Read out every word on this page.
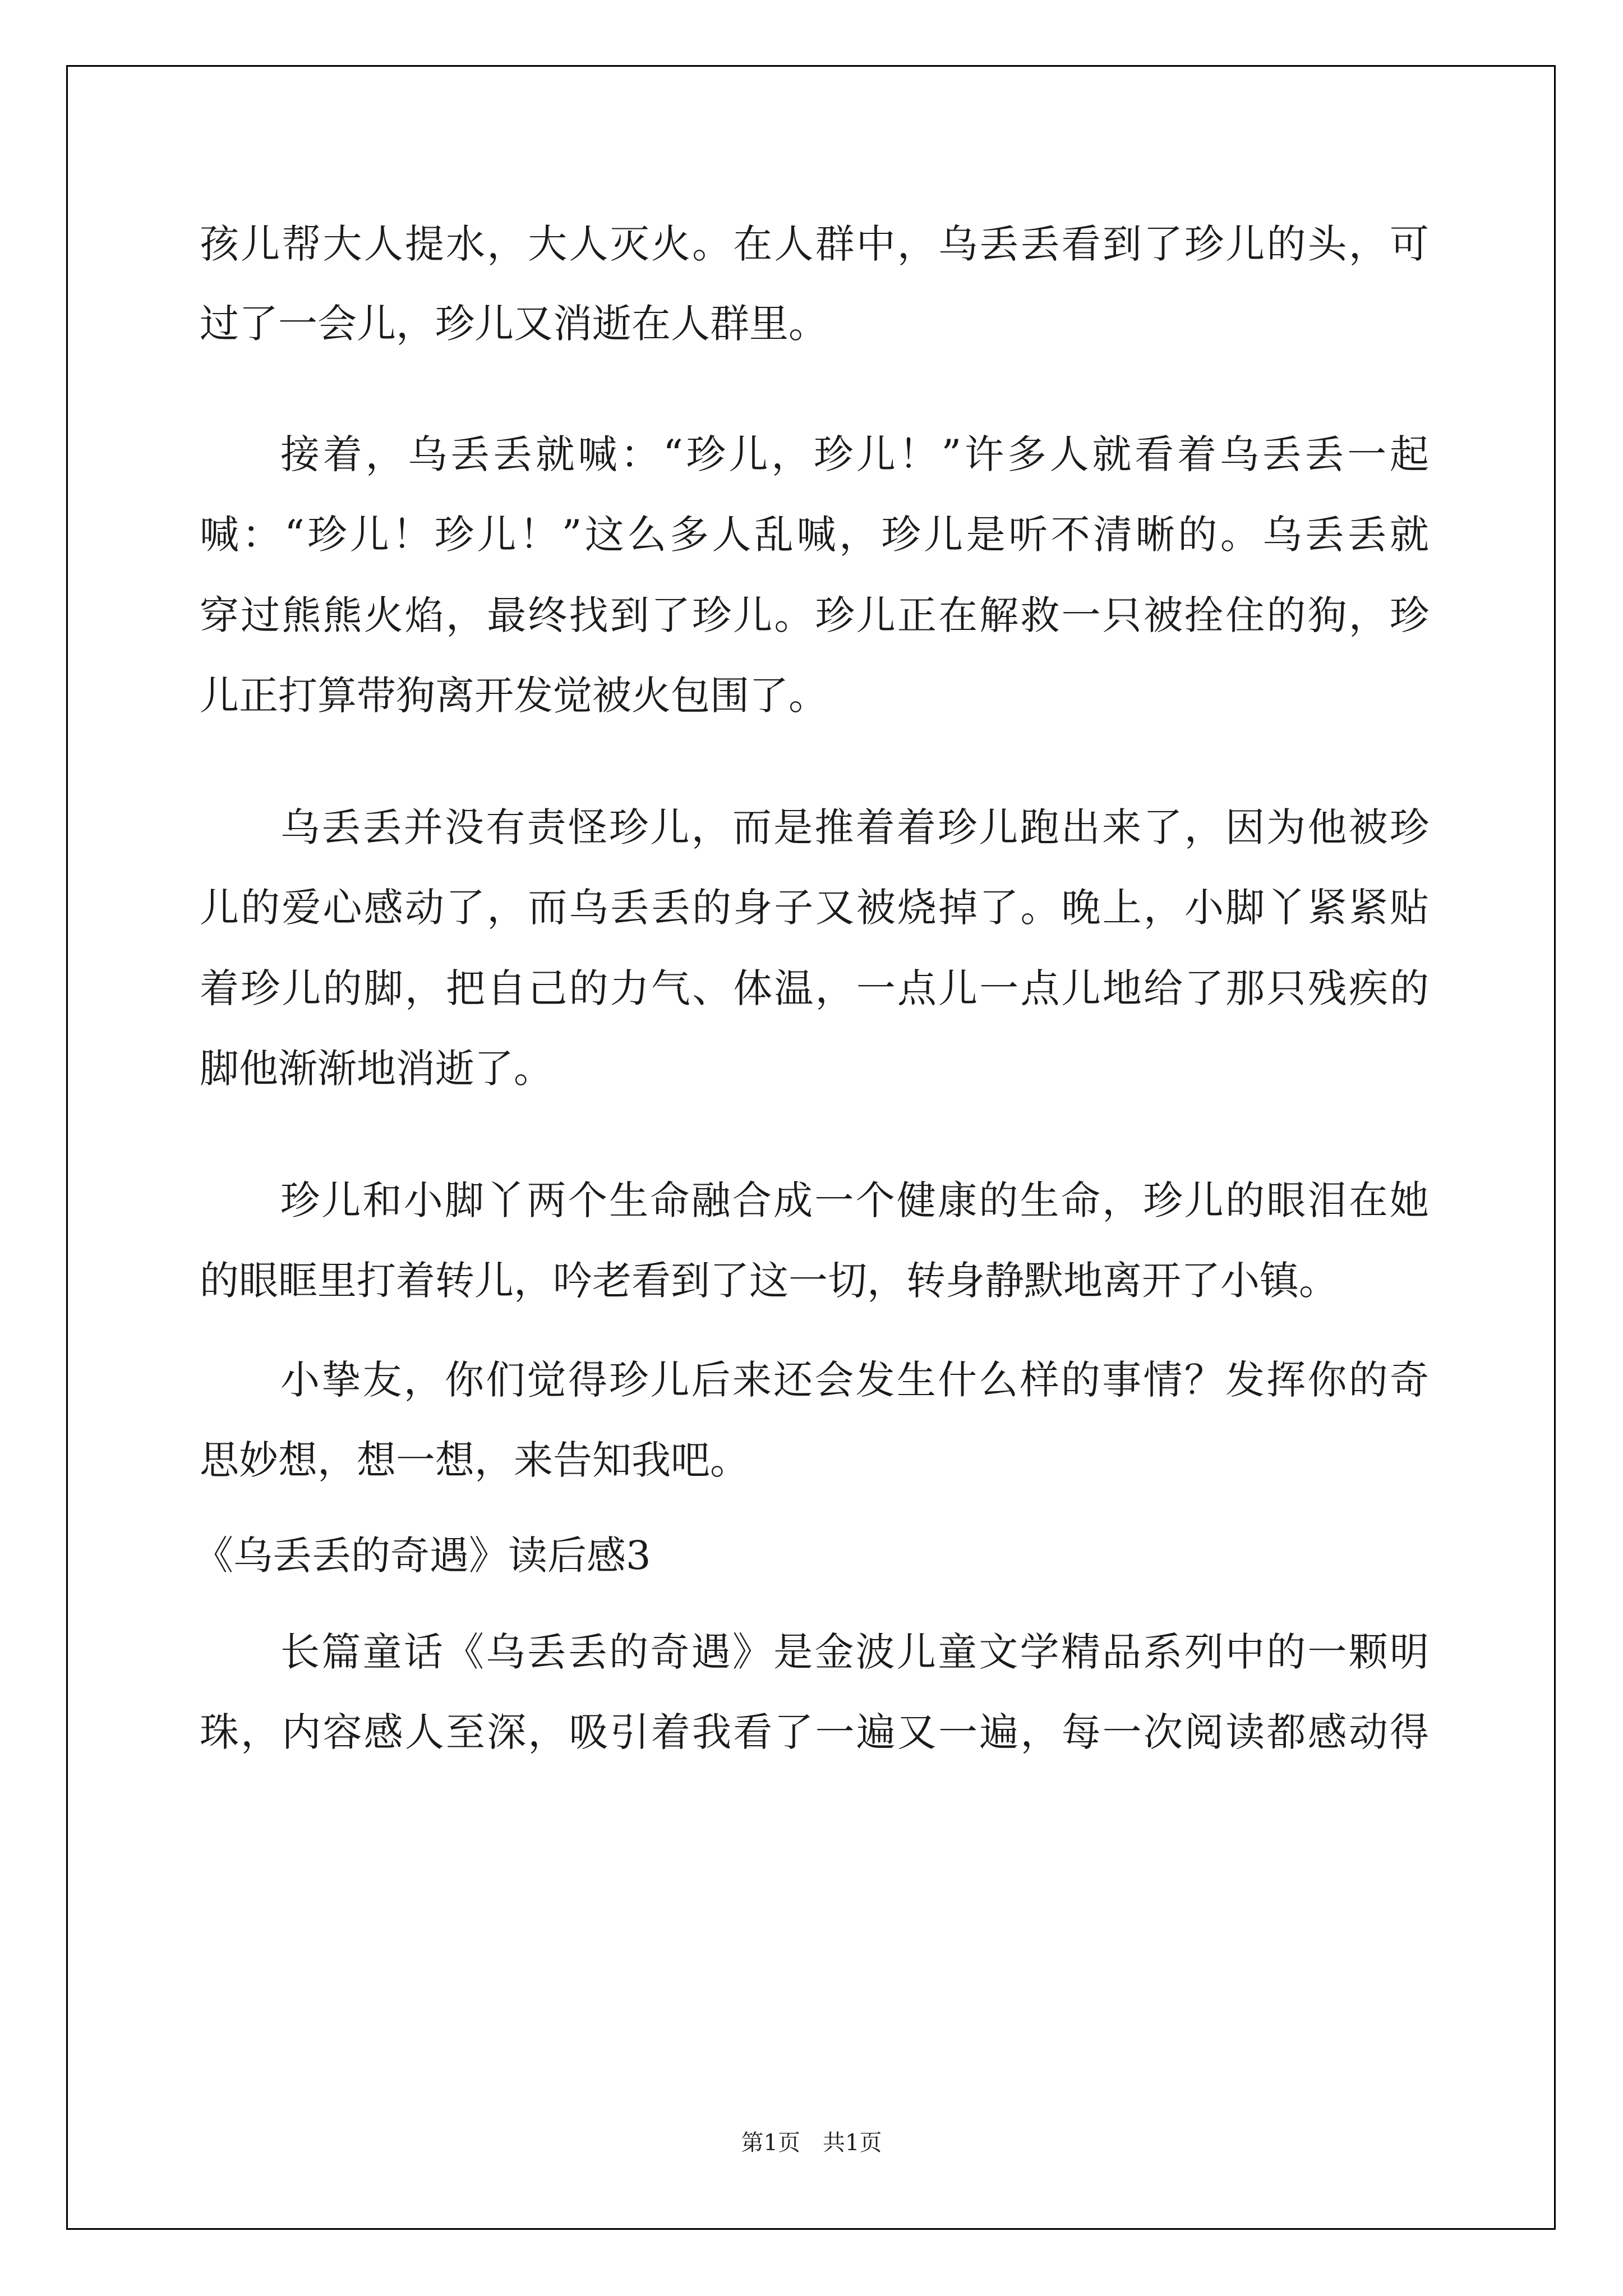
孩儿帮大人提水，大人灭火。在人群中，乌丢丢看到了珍儿的头，可
过了一会儿，珍儿又消逝在人群里。
接着，乌丢丢就喊：“珍儿，珍儿！”许多人就看着乌丢丢一起
喊：“珍儿！珍儿！”这么多人乱喊，珍儿是听不清晰的。乌丢丢就
穿过熊熊火焰，最终找到了珍儿。珍儿正在解救一只被拴住的狗，珍
儿正打算带狗离开发觉被火包围了。
乌丢丢并没有责怪珍儿，而是推着着珍儿跑出来了，因为他被珍
儿的爱心感动了，而乌丢丢的身子又被烧掉了。晚上，小脚丫紧紧贴
着珍儿的脚，把自己的力气、体温，一点儿一点儿地给了那只残疾的
脚他渐渐地消逝了。
珍儿和小脚丫两个生命融合成一个健康的生命，珍儿的眼泪在她
的眼眶里打着转儿，吟老看到了这一切，转身静默地离开了小镇。
小挚友，你们觉得珍儿后来还会发生什么样的事情？发挥你的奇
思妙想，想一想，来告知我吧。
《乌丢丢的奇遇》读后感3
长篇童话《乌丢丢的奇遇》是金波儿童文学精品系列中的一颗明
珠，内容感人至深，吸引着我看了一遍又一遍，每一次阅读都感动得
第1页　共1页
